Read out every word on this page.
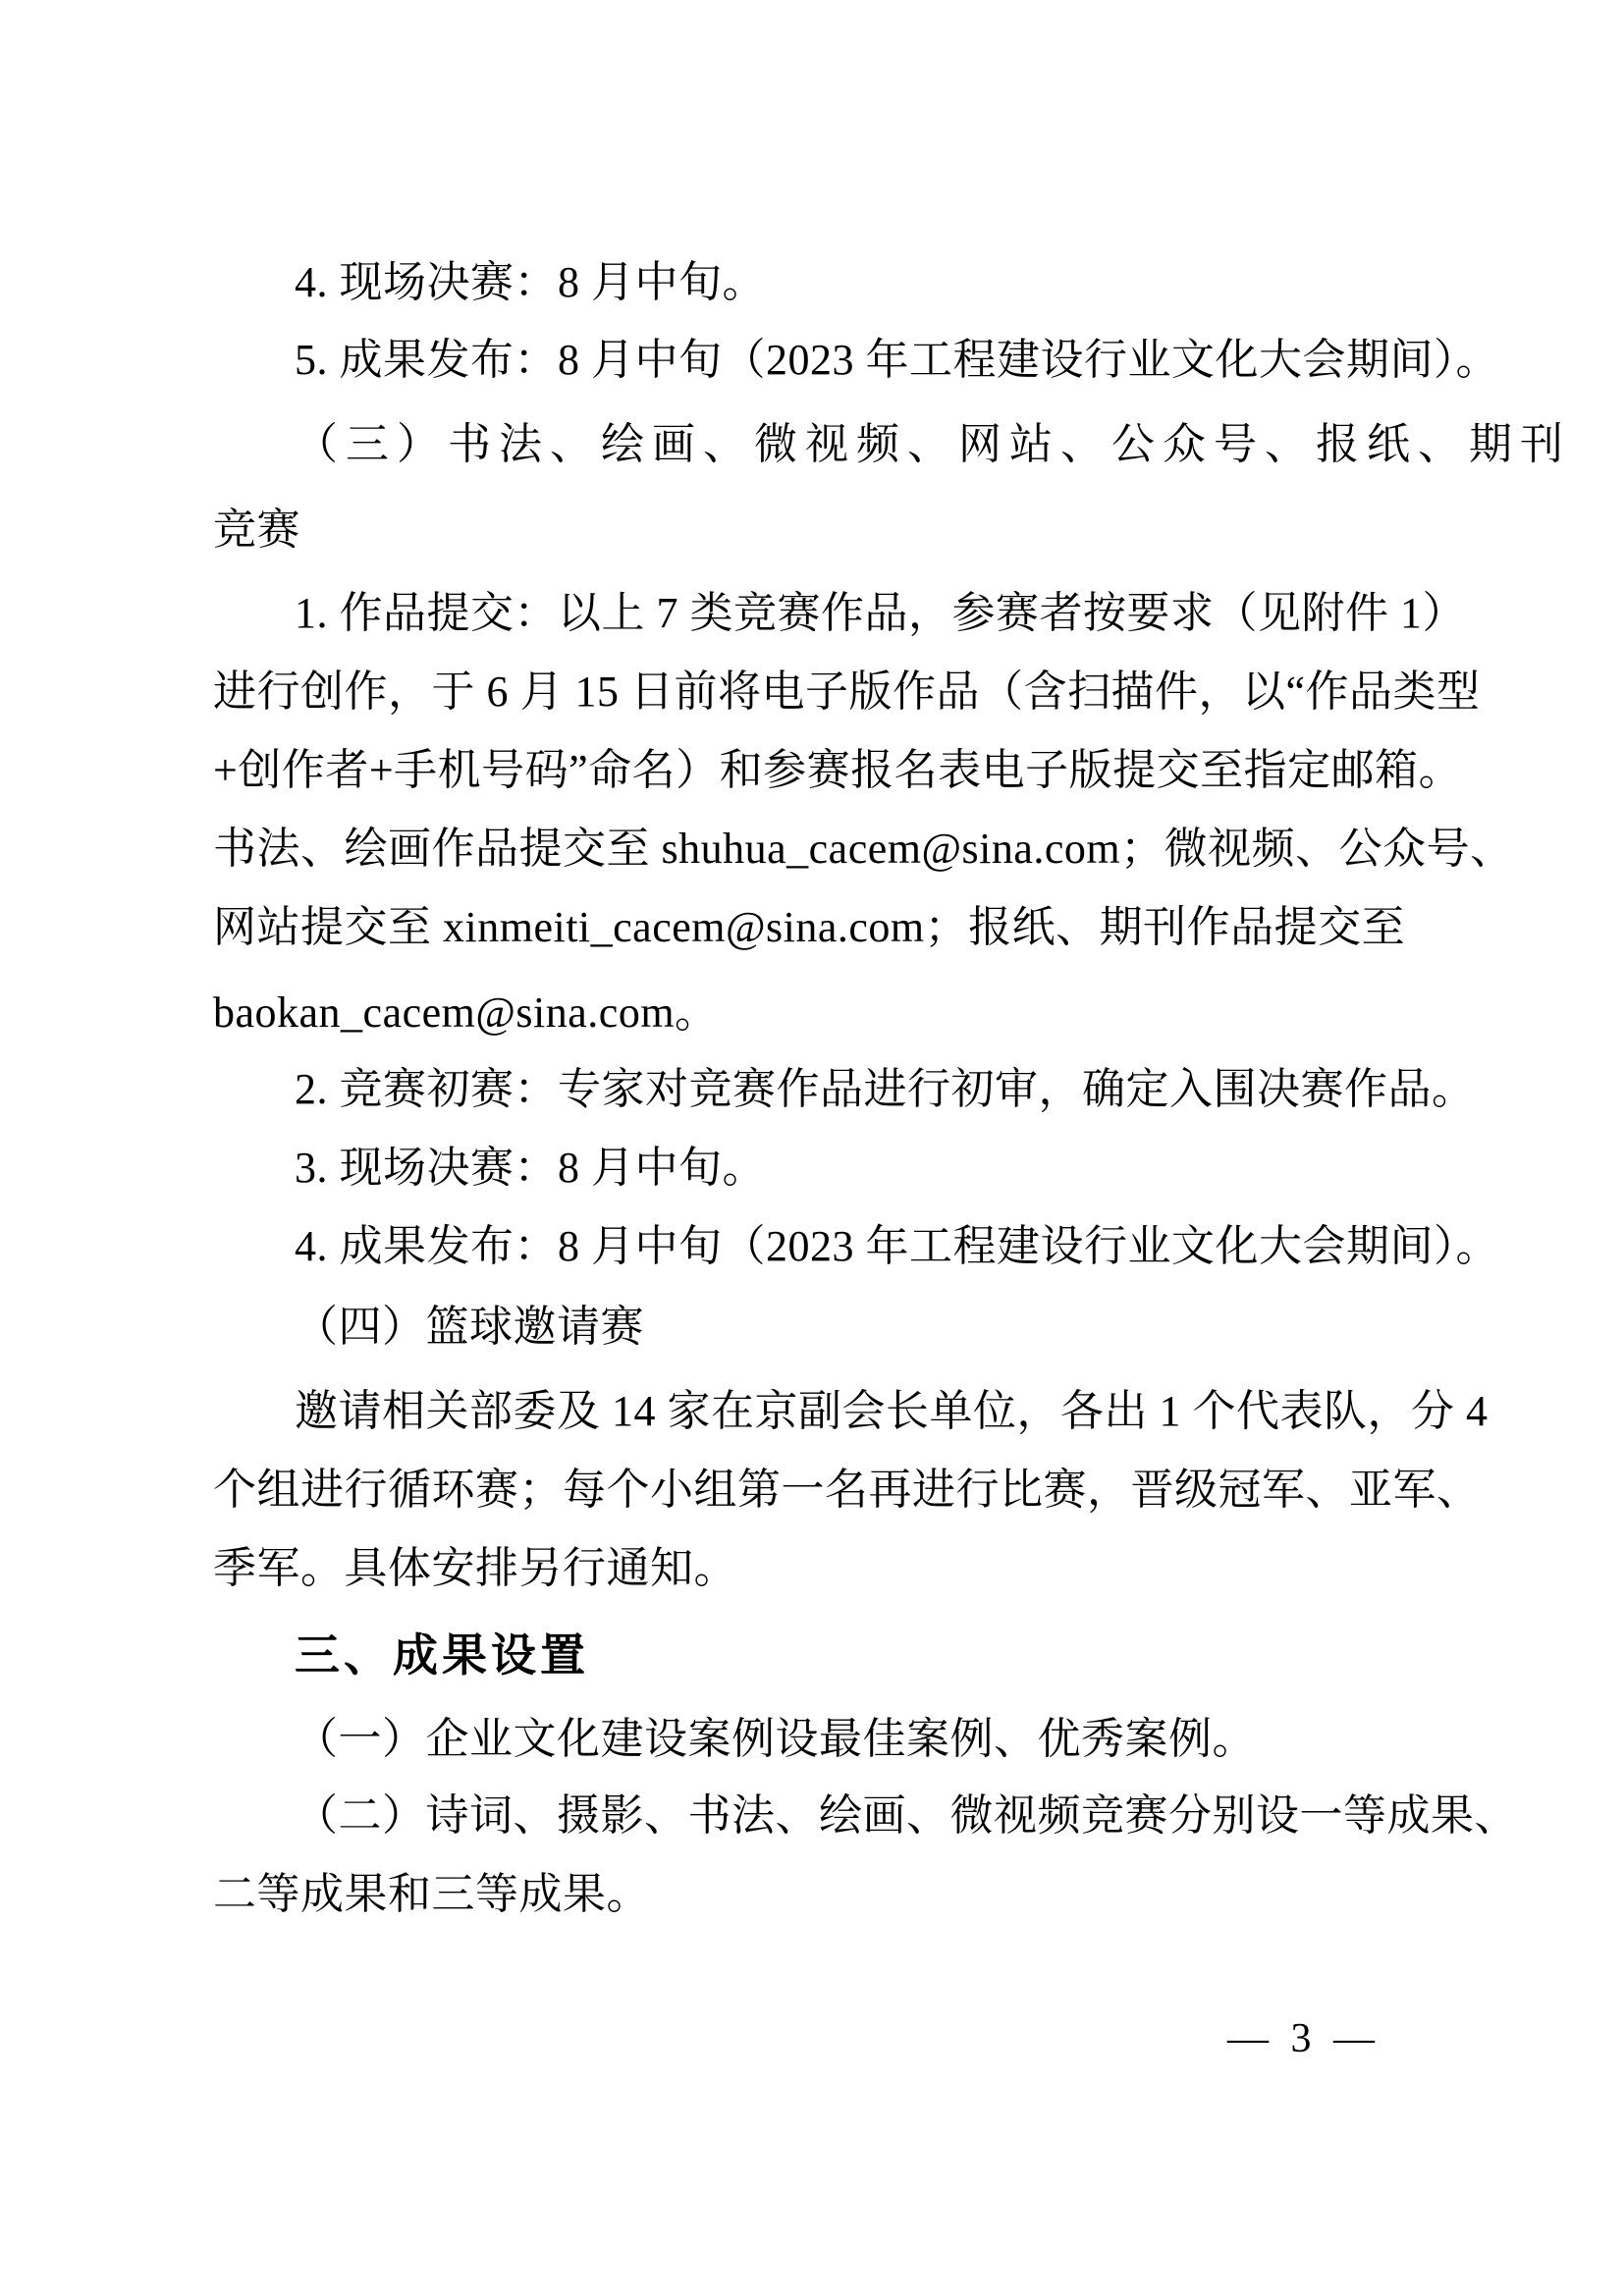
4. 现场决赛：8 月中旬。
5. 成果发布：8 月中旬（2023 年工程建设行业文化大会期间）。
（三）书法、绘画、微视频、网站、公众号、报纸、期刊
竞赛
1. 作品提交：以上 7 类竞赛作品，参赛者按要求（见附件 1）
进行创作，于 6 月 15 日前将电子版作品（含扫描件，以“作品类型
+创作者+手机号码”命名）和参赛报名表电子版提交至指定邮箱。
书法、绘画作品提交至 shuhua_cacem@sina.com；微视频、公众号、
网站提交至 xinmeiti_cacem@sina.com；报纸、期刊作品提交至
baokan_cacem@sina.com。
2. 竞赛初赛：专家对竞赛作品进行初审，确定入围决赛作品。
3. 现场决赛：8 月中旬。
4. 成果发布：8 月中旬（2023 年工程建设行业文化大会期间）。
（四）篮球邀请赛
邀请相关部委及 14 家在京副会长单位，各出 1 个代表队，分 4
个组进行循环赛；每个小组第一名再进行比赛，晋级冠军、亚军、
季军。具体安排另行通知。
三、成果设置
（一）企业文化建设案例设最佳案例、优秀案例。
（二）诗词、摄影、书法、绘画、微视频竞赛分别设一等成果、
二等成果和三等成果。
— 3 —
